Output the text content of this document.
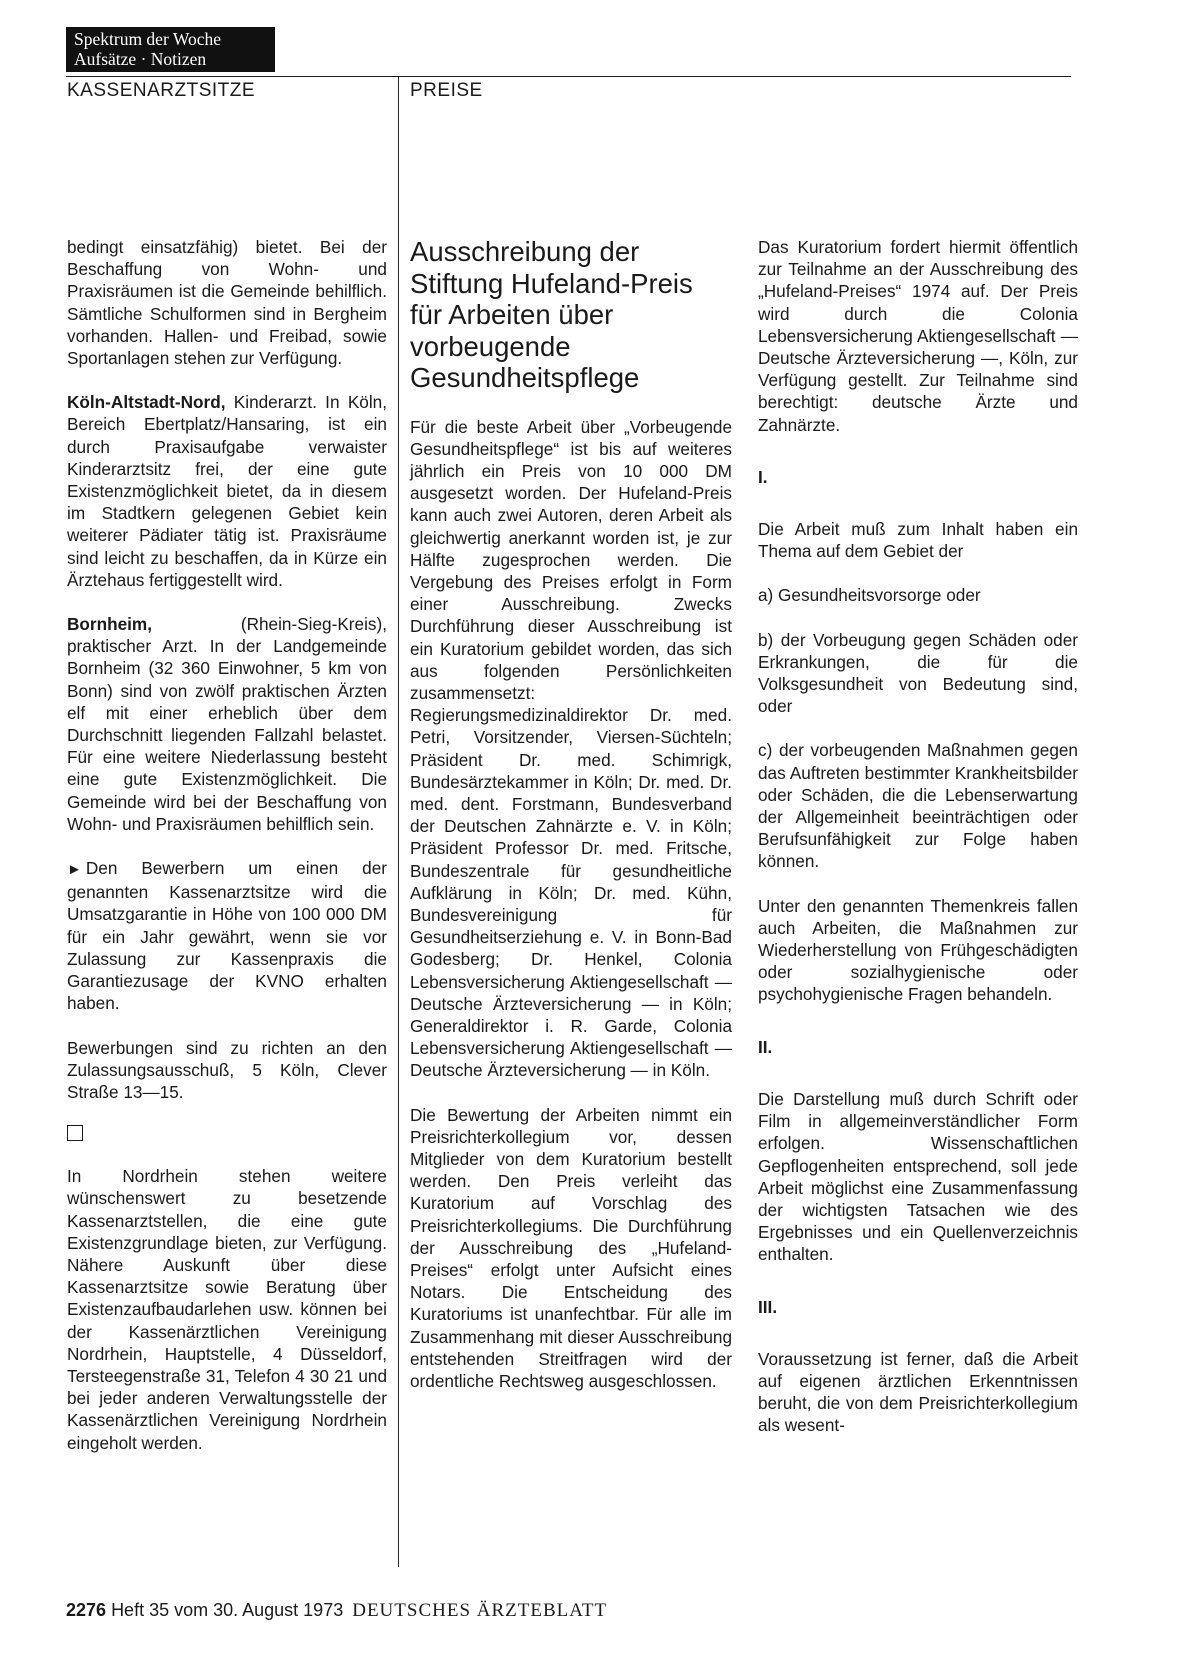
Spektrum der Woche
Aufsätze · Notizen
KASSENARZTSITZE	PREISE

bedingt einsatzfähig) bietet. Bei der Beschaffung von Wohn- und Praxisräumen ist die Gemeinde behilflich. Sämtliche Schulformen sind in Bergheim vorhanden. Hallen- und Freibad, sowie Sportanlagen stehen zur Verfügung.

Köln-Altstadt-Nord, Kinderarzt. In Köln, Bereich Ebertplatz/Hansaring, ist ein durch Praxisaufgabe verwaister Kinderarztsitz frei, der eine gute Existenzmöglichkeit bietet, da in diesem im Stadtkern gelegenen Gebiet kein weiterer Pädiater tätig ist. Praxisräume sind leicht zu beschaffen, da in Kürze ein Ärztehaus fertiggestellt wird.

Bornheim, (Rhein-Sieg-Kreis), praktischer Arzt. In der Landgemeinde Bornheim (32 360 Einwohner, 5 km von Bonn) sind von zwölf praktischen Ärzten elf mit einer erheblich über dem Durchschnitt liegenden Fallzahl belastet. Für eine weitere Niederlassung besteht eine gute Existenzmöglichkeit. Die Gemeinde wird bei der Beschaffung von Wohn- und Praxisräumen behilflich sein.

► Den Bewerbern um einen der genannten Kassenarztsitze wird die Umsatzgarantie in Höhe von 100 000 DM für ein Jahr gewährt, wenn sie vor Zulassung zur Kassenpraxis die Garantiezusage der KVNO erhalten haben.

Bewerbungen sind zu richten an den Zulassungsausschuß, 5 Köln, Clever Straße 13—15.

In Nordrhein stehen weitere wünschenswert zu besetzende Kassenarztstellen, die eine gute Existenzgrundlage bieten, zur Verfügung. Nähere Auskunft über diese Kassenarztsitze sowie Beratung über Existenzaufbaudarlehen usw. können bei der Kassenärztlichen Vereinigung Nordrhein, Hauptstelle, 4 Düsseldorf, Tersteegenstraße 31, Telefon 4 30 21 und bei jeder anderen Verwaltungsstelle der Kassenärztlichen Vereinigung Nordrhein eingeholt werden.

Ausschreibung der Stiftung Hufeland-Preis für Arbeiten über vorbeugende Gesundheitspflege

Für die beste Arbeit über „Vorbeugende Gesundheitspflege“ ist bis auf weiteres jährlich ein Preis von 10 000 DM ausgesetzt worden. Der Hufeland-Preis kann auch zwei Autoren, deren Arbeit als gleichwertig anerkannt worden ist, je zur Hälfte zugesprochen werden. Die Vergebung des Preises erfolgt in Form einer Ausschreibung. Zwecks Durchführung dieser Ausschreibung ist ein Kuratorium gebildet worden, das sich aus folgenden Persönlichkeiten zusammensetzt: Regierungsmedizinaldirektor Dr. med. Petri, Vorsitzender, Viersen-Süchteln; Präsident Dr. med. Schimrigk, Bundesärztekammer in Köln; Dr. med. Dr. med. dent. Forstmann, Bundesverband der Deutschen Zahnärzte e. V. in Köln; Präsident Professor Dr. med. Fritsche, Bundeszentrale für gesundheitliche Aufklärung in Köln; Dr. med. Kühn, Bundesvereinigung für Gesundheitserziehung e. V. in Bonn-Bad Godesberg; Dr. Henkel, Colonia Lebensversicherung Aktiengesellschaft — Deutsche Ärzteversicherung — in Köln; Generaldirektor i. R. Garde, Colonia Lebensversicherung Aktiengesellschaft — Deutsche Ärzteversicherung — in Köln.

Die Bewertung der Arbeiten nimmt ein Preisrichterkollegium vor, dessen Mitglieder von dem Kuratorium bestellt werden. Den Preis verleiht das Kuratorium auf Vorschlag des Preisrichterkollegiums. Die Durchführung der Ausschreibung des „Hufeland-Preises“ erfolgt unter Aufsicht eines Notars. Die Entscheidung des Kuratoriums ist unanfechtbar. Für alle im Zusammenhang mit dieser Ausschreibung entstehenden Streitfragen wird der ordentliche Rechtsweg ausgeschlossen.

Das Kuratorium fordert hiermit öffentlich zur Teilnahme an der Ausschreibung des „Hufeland-Preises“ 1974 auf. Der Preis wird durch die Colonia Lebensversicherung Aktiengesellschaft — Deutsche Ärzteversicherung —, Köln, zur Verfügung gestellt. Zur Teilnahme sind berechtigt: deutsche Ärzte und Zahnärzte.

I.

Die Arbeit muß zum Inhalt haben ein Thema auf dem Gebiet der

a) Gesundheitsvorsorge oder

b) der Vorbeugung gegen Schäden oder Erkrankungen, die für die Volksgesundheit von Bedeutung sind, oder

c) der vorbeugenden Maßnahmen gegen das Auftreten bestimmter Krankheitsbilder oder Schäden, die die Lebenserwartung der Allgemeinheit beeinträchtigen oder Berufsunfähigkeit zur Folge haben können.

Unter den genannten Themenkreis fallen auch Arbeiten, die Maßnahmen zur Wiederherstellung von Frühgeschädigten oder sozialhygienische oder psychohygienische Fragen behandeln.

II.

Die Darstellung muß durch Schrift oder Film in allgemeinverständlicher Form erfolgen. Wissenschaftlichen Gepflogenheiten entsprechend, soll jede Arbeit möglichst eine Zusammenfassung der wichtigsten Tatsachen wie des Ergebnisses und ein Quellenverzeichnis enthalten.

III.

Voraussetzung ist ferner, daß die Arbeit auf eigenen ärztlichen Erkenntnissen beruht, die von dem Preisrichterkollegium als wesent-

2276 Heft 35 vom 30. August 1973 DEUTSCHES ÄRZTEBLATT
